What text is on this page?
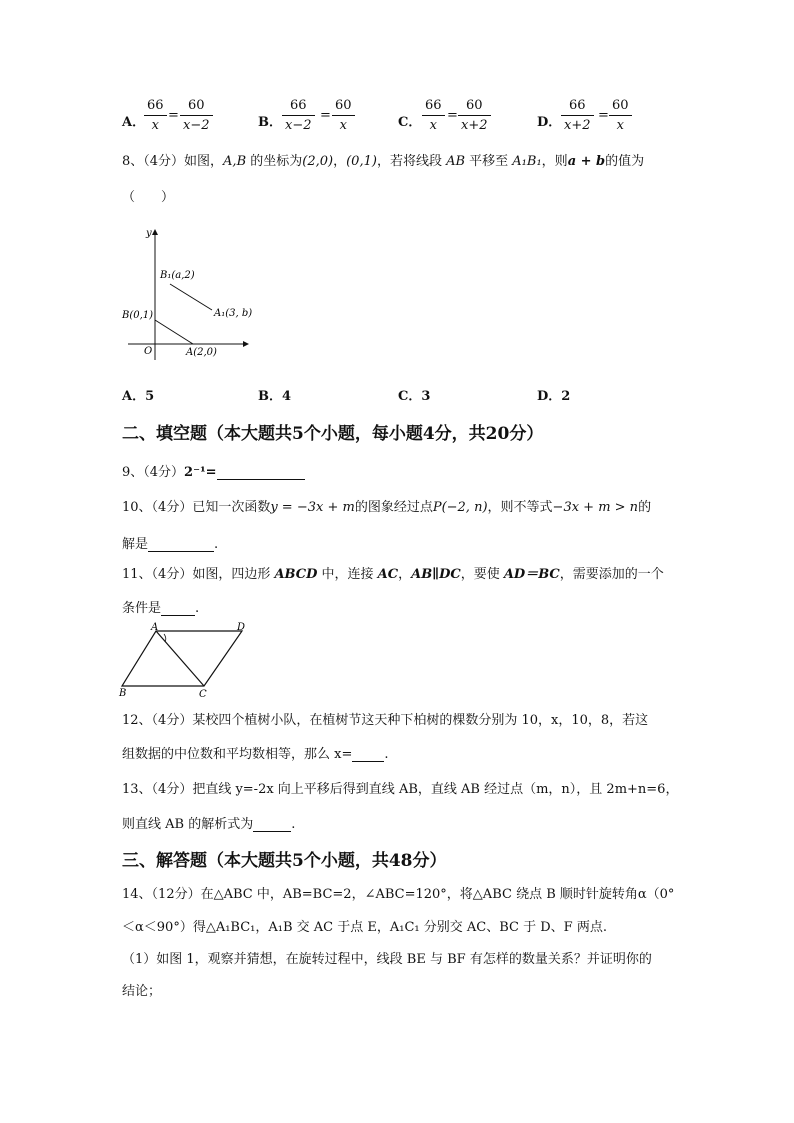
A．
$\frac{66}{x} = \frac{60}{x-2}$	B． $\frac{66}{x-2} = \frac{60}{x}$	C． $\frac{66}{x} = \frac{60}{x+2}$	D． $\frac{66}{x+2} = \frac{60}{x}$
8、（4分）如图，A,B 的坐标为(2,0)，(0,1)，若将线段 AB 平移至 A₁B₁，则a + b的值为
（　　）
y
O
B(0,1)
A(2,0)
B₁(a,2)
A₁(3, b)
A．5	B．4	C．3	D．2
二、填空题（本大题共5个小题，每小题4分，共20分）
9、（4分）2⁻¹=
10、（4分）已知一次函数y = −3x + m的图象经过点P(−2, n)，则不等式−3x + m > n的
解是	.
11、（4分）如图，四边形 ABCD 中，连接 AC，AB∥DC，要使 AD＝BC，需要添加的一个
条件是	.
A	D
B	C
12、（4分）某校四个植树小队，在植树节这天种下柏树的棵数分别为 10，x，10，8，若这
组数据的中位数和平均数相等，那么 x= .
13、（4分）把直线 y=-2x 向上平移后得到直线 AB，直线 AB 经过点（m，n），且 2m+n=6，
则直线 AB 的解析式为	.
三、解答题（本大题共5个小题，共48分）
14、（12分）在△ABC 中，AB=BC=2，∠ABC=120°，将△ABC 绕点 B 顺时针旋转角α（0°
＜α＜90°）得△A₁BC₁，A₁B 交 AC 于点 E，A₁C₁ 分别交 AC、BC 于 D、F 两点.
（1）如图 1，观察并猜想，在旋转过程中，线段 BE 与 BF 有怎样的数量关系？并证明你的
结论；
